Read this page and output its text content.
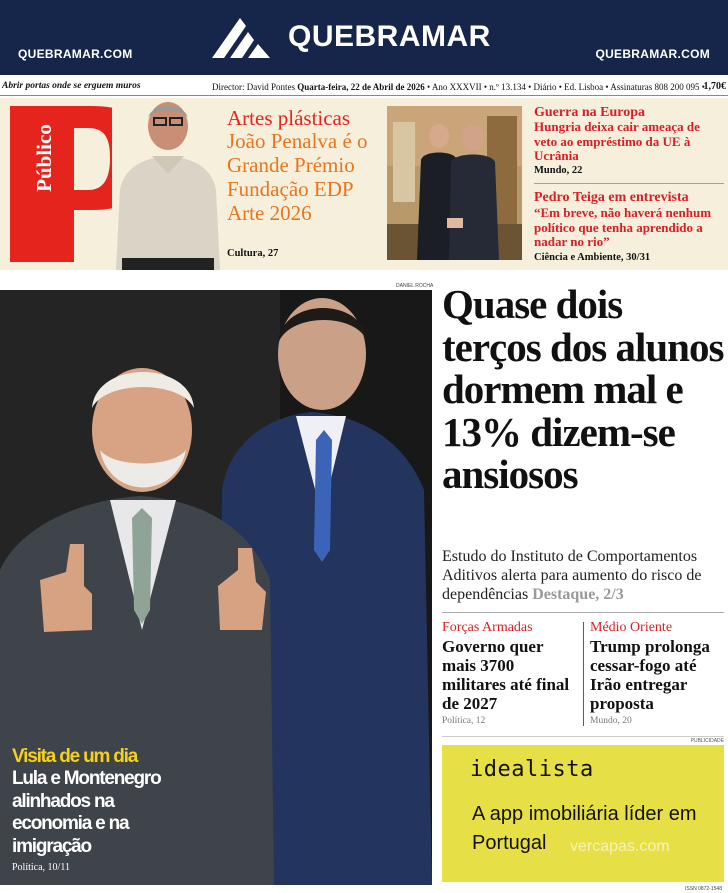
QUEBRAMAR.COM
QUEBRAMAR
QUEBRAMAR.COM
Abrir portas onde se erguem muros	Director: David Pontes Quarta-feira, 22 de Abril de 2026 • Ano XXXVII • n.º 13.134 • Diário • Ed. Lisboa • Assinaturas 808 200 095 •
1,70€
Público
Artes plásticas
João Penalva é o Grande Prémio Fundação EDP Arte 2026
Cultura, 27
Guerra na Europa
Hungria deixa cair ameaça de veto ao empréstimo da UE à Ucrânia
Mundo, 22
Pedro Teiga em entrevista
“Em breve, não haverá nenhum político que tenha aprendido a nadar no rio”
Ciência e Ambiente, 30/31
DANIEL ROCHA
Visita de um dia
Lula e Montenegro alinhados na economia e na imigração
Política, 10/11
Quase dois terços dos alunos dormem mal e 13% dizem-se ansiosos

Estudo do Instituto de Comportamentos Aditivos alerta para aumento do risco de dependências Destaque, 2/3

Forças Armadas
Governo quer mais 3700 militares até final de 2027
Política, 12
Médio Oriente
Trump prolonga cessar-fogo até Irão entregar proposta
Mundo, 20
PUBLICIDADE
idealista
A app imobiliária líder em Portugal	vercapas.com
ISSN 0872-1548
